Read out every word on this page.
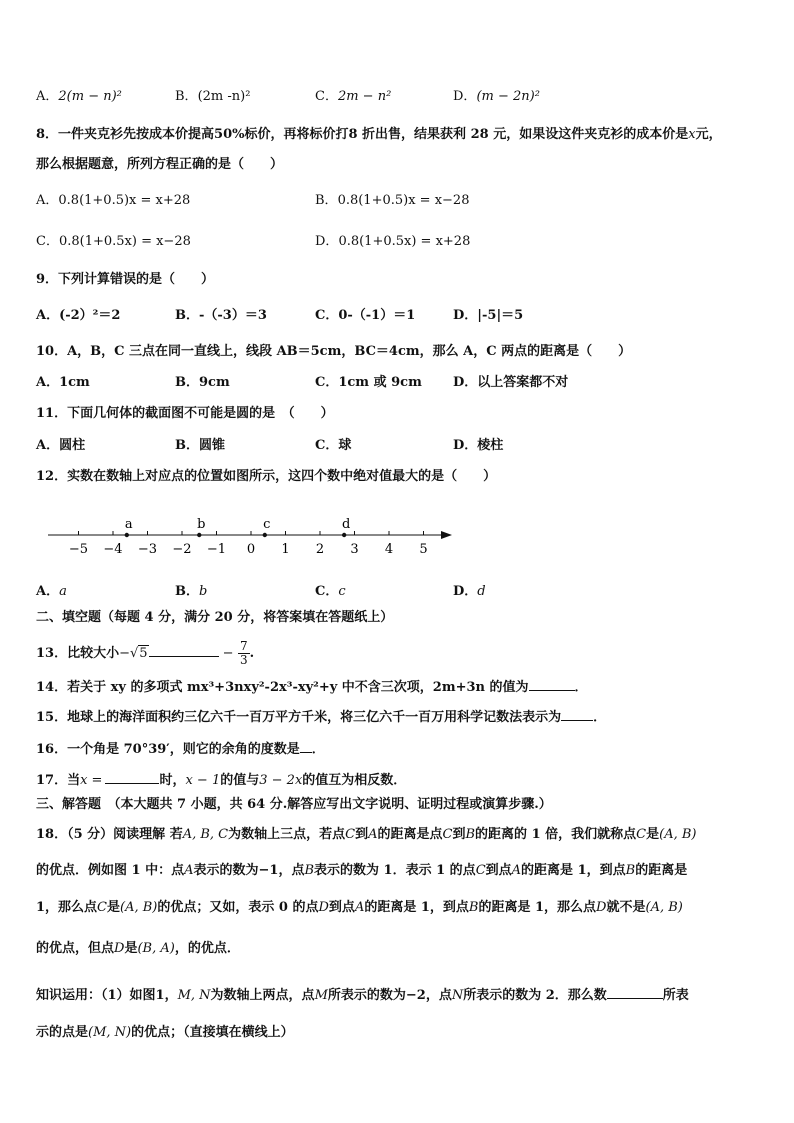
A．2(m − n)²	B．(2m -n)²	C．2m − n²	D．(m − 2n)²
8．一件夹克衫先按成本价提高50%标价，再将标价打8 折出售，结果获利 28 元，如果设这件夹克衫的成本价是x元，
那么根据题意，所列方程正确的是（　　）
A．0.8(1+0.5)x = x+28	B．0.8(1+0.5)x = x−28
C．0.8(1+0.5x) = x−28	D．0.8(1+0.5x) = x+28
9．下列计算错误的是（　　）
A．(-2）²＝2	B．-（-3）＝3	C．0-（-1）＝1	D．|-5|＝5
10．A，B，C 三点在同一直线上，线段 AB＝5cm，BC＝4cm，那么 A，C 两点的距离是（　　）
A．1cm	B．9cm	C．1cm 或 9cm D．以上答案都不对
11．下面几何体的截面图不可能是圆的是　（　　）
A．圆柱	B．圆锥	C．球	D．棱柱
12．实数在数轴上对应点的位置如图所示，这四个数中绝对值最大的是（　　）
−5 −4 −3 −2 −1 0 1 2 3 4 5
a	b	c	d
A．a	B．b	C．c	D．d
二、填空题（每题 4 分，满分 20 分，将答案填在答题纸上）
13．比较大小−√5	− $\frac{7}{3}$ .
14．若关于 xy 的多项式 mx³+3nxy²-2x³-xy²+y 中不含三次项，2m+3n 的值为	．
15．地球上的海洋面积约三亿六千一百万平方千米，将三亿六千一百万用科学记数法表示为 ．
16．一个角是 70°39′，则它的余角的度数是 ．
17．当x =	时，x − 1的值与3 − 2x的值互为相反数．
三、解答题　（本大题共 7 小题，共 64 分.解答应写出文字说明、证明过程或演算步骤.）
18．（5 分）阅读理解 若A, B, C为数轴上三点，若点C到A的距离是点C到B的距离的 1 倍，我们就称点C是(A, B)
的优点．例如图 1 中：点A表示的数为−1，点B表示的数为 1．表示 1 的点C到点A的距离是 1，到点B的距离是
1，那么点C是(A, B)的优点；又如，表示 0 的点D到点A的距离是 1，到点B的距离是 1，那么点D就不是(A, B)
的优点，但点D是(B, A)，的优点．
知识运用：（1）如图1，M, N为数轴上两点，点M所表示的数为−2，点N所表示的数为 2．那么数	所表
示的点是(M, N)的优点；（直接填在横线上）
